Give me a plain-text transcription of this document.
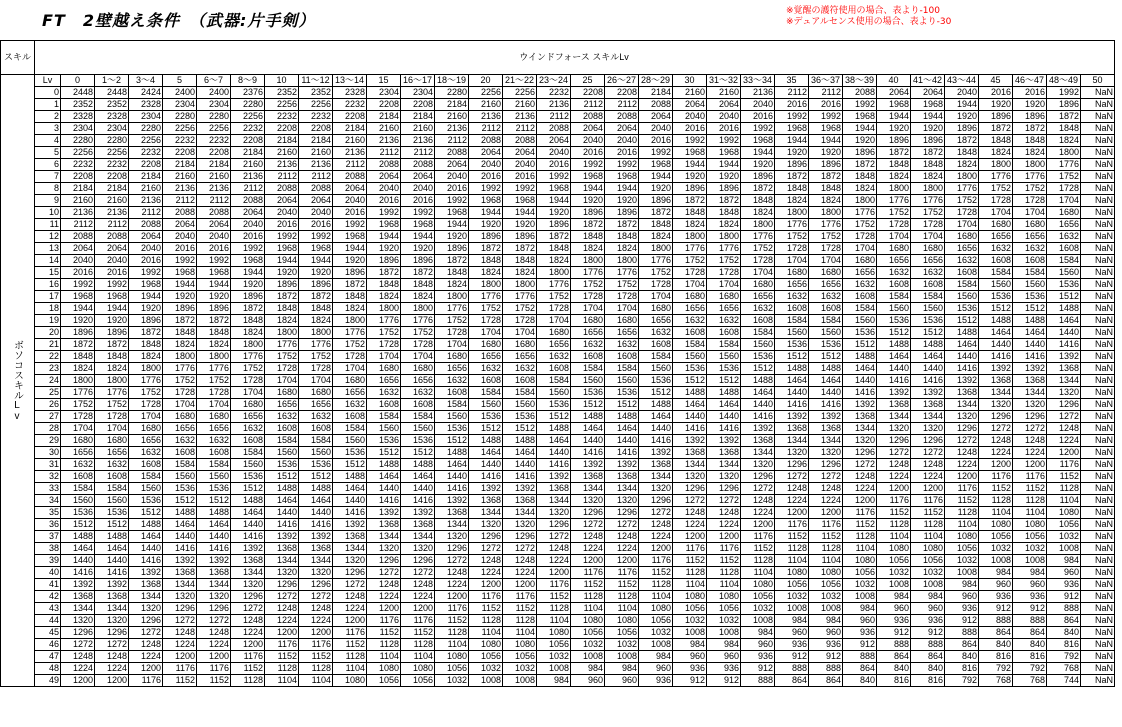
FT　2壁越え条件　（武器:片手剣）	※覚醒の護符使用の場合、表より-100
※デュアルセンス使用の場合、表より-30
スキル	ウインドフォース スキルLv																															
ボソコスキルLv	Lv	0	1～2	3～4	5	6～7	8～9	10	11～12	13～14	15	16～17	18～19	20	21～22	23～24	25	26～27	28～29	30	31～32	33～34	35	36～37	38～39	40	41～42	43～44	45	46～47	48～49	50
	0	2448	2448	2424	2400	2400	2376	2352	2352	2328	2304	2304	2280	2256	2256	2232	2208	2208	2184	2160	2160	2136	2112	2112	2088	2064	2064	2040	2016	2016	1992	NaN
	1	2352	2352	2328	2304	2304	2280	2256	2256	2232	2208	2208	2184	2160	2160	2136	2112	2112	2088	2064	2064	2040	2016	2016	1992	1968	1968	1944	1920	1920	1896	NaN
	2	2328	2328	2304	2280	2280	2256	2232	2232	2208	2184	2184	2160	2136	2136	2112	2088	2088	2064	2040	2040	2016	1992	1992	1968	1944	1944	1920	1896	1896	1872	NaN
	3	2304	2304	2280	2256	2256	2232	2208	2208	2184	2160	2160	2136	2112	2112	2088	2064	2064	2040	2016	2016	1992	1968	1968	1944	1920	1920	1896	1872	1872	1848	NaN
	4	2280	2280	2256	2232	2232	2208	2184	2184	2160	2136	2136	2112	2088	2088	2064	2040	2040	2016	1992	1992	1968	1944	1944	1920	1896	1896	1872	1848	1848	1824	NaN
	5	2256	2256	2232	2208	2208	2184	2160	2160	2136	2112	2112	2088	2064	2064	2040	2016	2016	1992	1968	1968	1944	1920	1920	1896	1872	1872	1848	1824	1824	1800	NaN
	6	2232	2232	2208	2184	2184	2160	2136	2136	2112	2088	2088	2064	2040	2040	2016	1992	1992	1968	1944	1944	1920	1896	1896	1872	1848	1848	1824	1800	1800	1776	NaN
	7	2208	2208	2184	2160	2160	2136	2112	2112	2088	2064	2064	2040	2016	2016	1992	1968	1968	1944	1920	1920	1896	1872	1872	1848	1824	1824	1800	1776	1776	1752	NaN
	8	2184	2184	2160	2136	2136	2112	2088	2088	2064	2040	2040	2016	1992	1992	1968	1944	1944	1920	1896	1896	1872	1848	1848	1824	1800	1800	1776	1752	1752	1728	NaN
	9	2160	2160	2136	2112	2112	2088	2064	2064	2040	2016	2016	1992	1968	1968	1944	1920	1920	1896	1872	1872	1848	1824	1824	1800	1776	1776	1752	1728	1728	1704	NaN
	10	2136	2136	2112	2088	2088	2064	2040	2040	2016	1992	1992	1968	1944	1944	1920	1896	1896	1872	1848	1848	1824	1800	1800	1776	1752	1752	1728	1704	1704	1680	NaN
	11	2112	2112	2088	2064	2064	2040	2016	2016	1992	1968	1968	1944	1920	1920	1896	1872	1872	1848	1824	1824	1800	1776	1776	1752	1728	1728	1704	1680	1680	1656	NaN
	12	2088	2088	2064	2040	2040	2016	1992	1992	1968	1944	1944	1920	1896	1896	1872	1848	1848	1824	1800	1800	1776	1752	1752	1728	1704	1704	1680	1656	1656	1632	NaN
	13	2064	2064	2040	2016	2016	1992	1968	1968	1944	1920	1920	1896	1872	1872	1848	1824	1824	1800	1776	1776	1752	1728	1728	1704	1680	1680	1656	1632	1632	1608	NaN
	14	2040	2040	2016	1992	1992	1968	1944	1944	1920	1896	1896	1872	1848	1848	1824	1800	1800	1776	1752	1752	1728	1704	1704	1680	1656	1656	1632	1608	1608	1584	NaN
	15	2016	2016	1992	1968	1968	1944	1920	1920	1896	1872	1872	1848	1824	1824	1800	1776	1776	1752	1728	1728	1704	1680	1680	1656	1632	1632	1608	1584	1584	1560	NaN
	16	1992	1992	1968	1944	1944	1920	1896	1896	1872	1848	1848	1824	1800	1800	1776	1752	1752	1728	1704	1704	1680	1656	1656	1632	1608	1608	1584	1560	1560	1536	NaN
	17	1968	1968	1944	1920	1920	1896	1872	1872	1848	1824	1824	1800	1776	1776	1752	1728	1728	1704	1680	1680	1656	1632	1632	1608	1584	1584	1560	1536	1536	1512	NaN
	18	1944	1944	1920	1896	1896	1872	1848	1848	1824	1800	1800	1776	1752	1752	1728	1704	1704	1680	1656	1656	1632	1608	1608	1584	1560	1560	1536	1512	1512	1488	NaN
	19	1920	1920	1896	1872	1872	1848	1824	1824	1800	1776	1776	1752	1728	1728	1704	1680	1680	1656	1632	1632	1608	1584	1584	1560	1536	1536	1512	1488	1488	1464	NaN
	20	1896	1896	1872	1848	1848	1824	1800	1800	1776	1752	1752	1728	1704	1704	1680	1656	1656	1632	1608	1608	1584	1560	1560	1536	1512	1512	1488	1464	1464	1440	NaN
	21	1872	1872	1848	1824	1824	1800	1776	1776	1752	1728	1728	1704	1680	1680	1656	1632	1632	1608	1584	1584	1560	1536	1536	1512	1488	1488	1464	1440	1440	1416	NaN
	22	1848	1848	1824	1800	1800	1776	1752	1752	1728	1704	1704	1680	1656	1656	1632	1608	1608	1584	1560	1560	1536	1512	1512	1488	1464	1464	1440	1416	1416	1392	NaN
	23	1824	1824	1800	1776	1776	1752	1728	1728	1704	1680	1680	1656	1632	1632	1608	1584	1584	1560	1536	1536	1512	1488	1488	1464	1440	1440	1416	1392	1392	1368	NaN
	24	1800	1800	1776	1752	1752	1728	1704	1704	1680	1656	1656	1632	1608	1608	1584	1560	1560	1536	1512	1512	1488	1464	1464	1440	1416	1416	1392	1368	1368	1344	NaN
	25	1776	1776	1752	1728	1728	1704	1680	1680	1656	1632	1632	1608	1584	1584	1560	1536	1536	1512	1488	1488	1464	1440	1440	1416	1392	1392	1368	1344	1344	1320	NaN
	26	1752	1752	1728	1704	1704	1680	1656	1656	1632	1608	1608	1584	1560	1560	1536	1512	1512	1488	1464	1464	1440	1416	1416	1392	1368	1368	1344	1320	1320	1296	NaN
	27	1728	1728	1704	1680	1680	1656	1632	1632	1608	1584	1584	1560	1536	1536	1512	1488	1488	1464	1440	1440	1416	1392	1392	1368	1344	1344	1320	1296	1296	1272	NaN
	28	1704	1704	1680	1656	1656	1632	1608	1608	1584	1560	1560	1536	1512	1512	1488	1464	1464	1440	1416	1416	1392	1368	1368	1344	1320	1320	1296	1272	1272	1248	NaN
	29	1680	1680	1656	1632	1632	1608	1584	1584	1560	1536	1536	1512	1488	1488	1464	1440	1440	1416	1392	1392	1368	1344	1344	1320	1296	1296	1272	1248	1248	1224	NaN
	30	1656	1656	1632	1608	1608	1584	1560	1560	1536	1512	1512	1488	1464	1464	1440	1416	1416	1392	1368	1368	1344	1320	1320	1296	1272	1272	1248	1224	1224	1200	NaN
	31	1632	1632	1608	1584	1584	1560	1536	1536	1512	1488	1488	1464	1440	1440	1416	1392	1392	1368	1344	1344	1320	1296	1296	1272	1248	1248	1224	1200	1200	1176	NaN
	32	1608	1608	1584	1560	1560	1536	1512	1512	1488	1464	1464	1440	1416	1416	1392	1368	1368	1344	1320	1320	1296	1272	1272	1248	1224	1224	1200	1176	1176	1152	NaN
	33	1584	1584	1560	1536	1536	1512	1488	1488	1464	1440	1440	1416	1392	1392	1368	1344	1344	1320	1296	1296	1272	1248	1248	1224	1200	1200	1176	1152	1152	1128	NaN
	34	1560	1560	1536	1512	1512	1488	1464	1464	1440	1416	1416	1392	1368	1368	1344	1320	1320	1296	1272	1272	1248	1224	1224	1200	1176	1176	1152	1128	1128	1104	NaN
	35	1536	1536	1512	1488	1488	1464	1440	1440	1416	1392	1392	1368	1344	1344	1320	1296	1296	1272	1248	1248	1224	1200	1200	1176	1152	1152	1128	1104	1104	1080	NaN
	36	1512	1512	1488	1464	1464	1440	1416	1416	1392	1368	1368	1344	1320	1320	1296	1272	1272	1248	1224	1224	1200	1176	1176	1152	1128	1128	1104	1080	1080	1056	NaN
	37	1488	1488	1464	1440	1440	1416	1392	1392	1368	1344	1344	1320	1296	1296	1272	1248	1248	1224	1200	1200	1176	1152	1152	1128	1104	1104	1080	1056	1056	1032	NaN
	38	1464	1464	1440	1416	1416	1392	1368	1368	1344	1320	1320	1296	1272	1272	1248	1224	1224	1200	1176	1176	1152	1128	1128	1104	1080	1080	1056	1032	1032	1008	NaN
	39	1440	1440	1416	1392	1392	1368	1344	1344	1320	1296	1296	1272	1248	1248	1224	1200	1200	1176	1152	1152	1128	1104	1104	1080	1056	1056	1032	1008	1008	984	NaN
	40	1416	1416	1392	1368	1368	1344	1320	1320	1296	1272	1272	1248	1224	1224	1200	1176	1176	1152	1128	1128	1104	1080	1080	1056	1032	1032	1008	984	984	960	NaN
	41	1392	1392	1368	1344	1344	1320	1296	1296	1272	1248	1248	1224	1200	1200	1176	1152	1152	1128	1104	1104	1080	1056	1056	1032	1008	1008	984	960	960	936	NaN
	42	1368	1368	1344	1320	1320	1296	1272	1272	1248	1224	1224	1200	1176	1176	1152	1128	1128	1104	1080	1080	1056	1032	1032	1008	984	984	960	936	936	912	NaN
	43	1344	1344	1320	1296	1296	1272	1248	1248	1224	1200	1200	1176	1152	1152	1128	1104	1104	1080	1056	1056	1032	1008	1008	984	960	960	936	912	912	888	NaN
	44	1320	1320	1296	1272	1272	1248	1224	1224	1200	1176	1176	1152	1128	1128	1104	1080	1080	1056	1032	1032	1008	984	984	960	936	936	912	888	888	864	NaN
	45	1296	1296	1272	1248	1248	1224	1200	1200	1176	1152	1152	1128	1104	1104	1080	1056	1056	1032	1008	1008	984	960	960	936	912	912	888	864	864	840	NaN
	46	1272	1272	1248	1224	1224	1200	1176	1176	1152	1128	1128	1104	1080	1080	1056	1032	1032	1008	984	984	960	936	936	912	888	888	864	840	840	816	NaN
	47	1248	1248	1224	1200	1200	1176	1152	1152	1128	1104	1104	1080	1056	1056	1032	1008	1008	984	960	960	936	912	912	888	864	864	840	816	816	792	NaN
	48	1224	1224	1200	1176	1176	1152	1128	1128	1104	1080	1080	1056	1032	1032	1008	984	984	960	936	936	912	888	888	864	840	840	816	792	792	768	NaN
	49	1200	1200	1176	1152	1152	1128	1104	1104	1080	1056	1056	1032	1008	1008	984	960	960	936	912	912	888	864	864	840	816	816	792	768	768	744	NaN
